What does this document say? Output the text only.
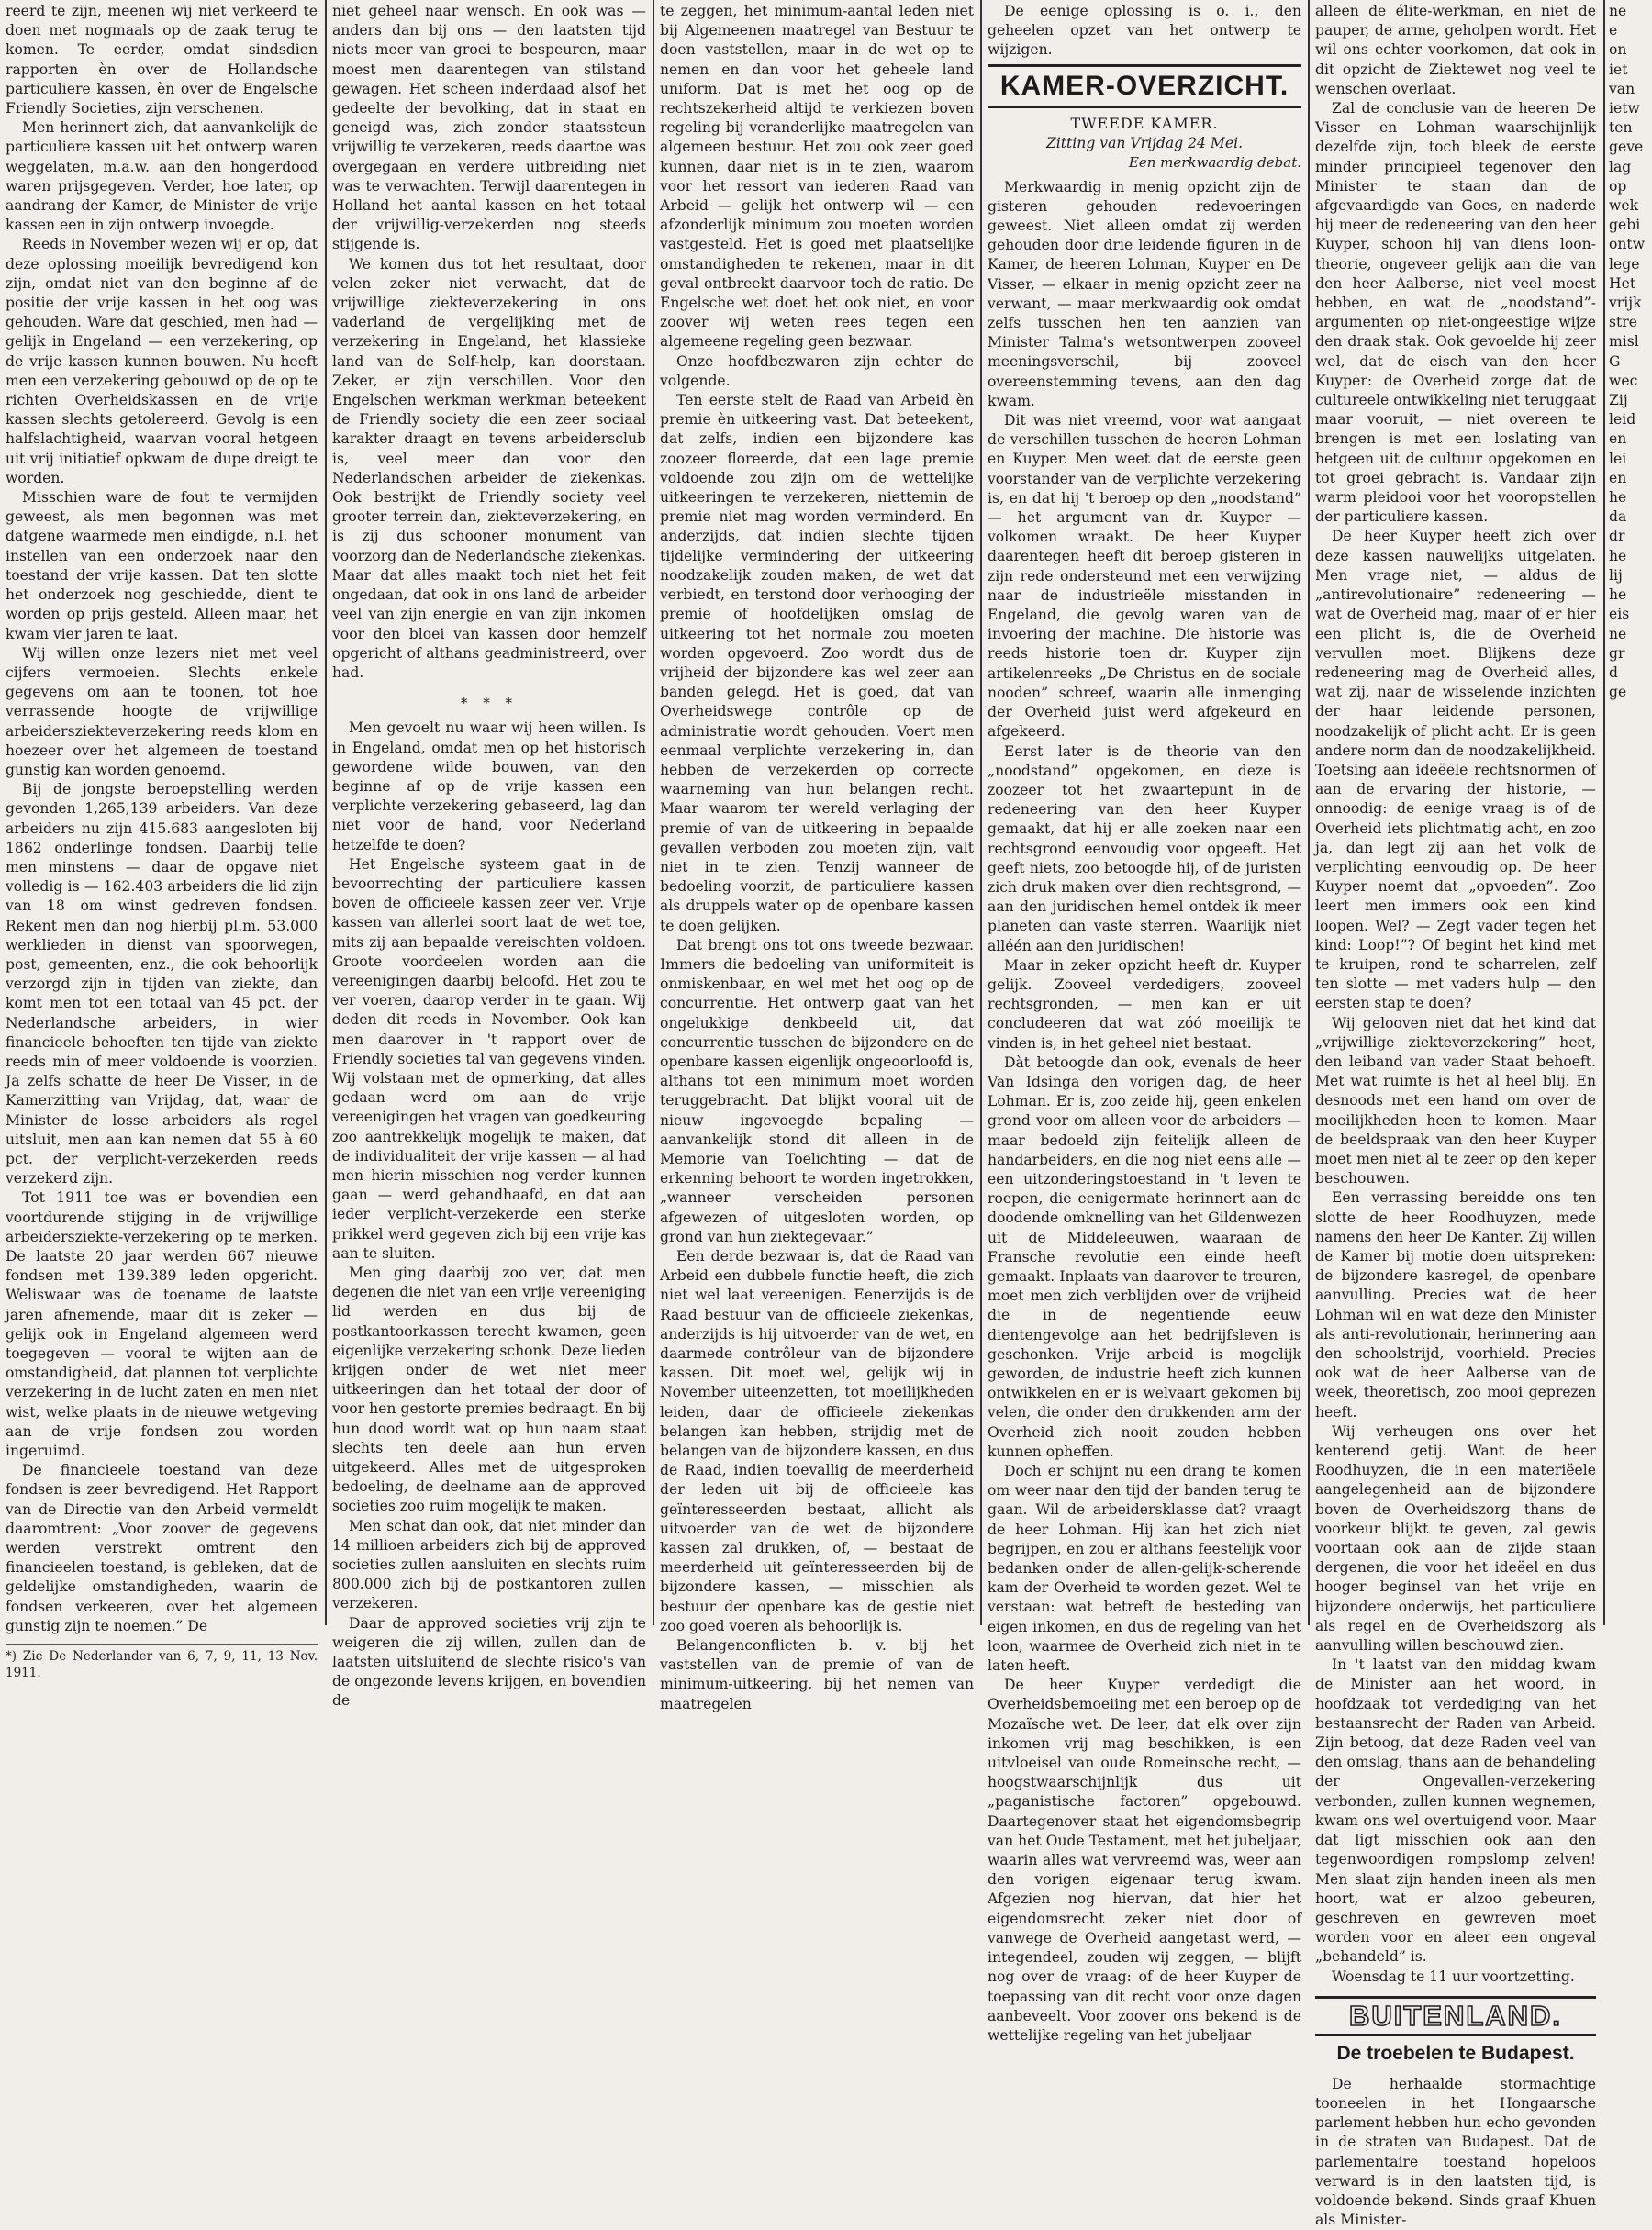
reerd te zijn, meenen wij niet verkeerd te doen met nogmaals op de zaak terug te komen. Te eerder, omdat sindsdien rapporten èn over de Hollandsche particuliere kassen, èn over de Engelsche Friendly Societies, zijn verschenen.

Men herinnert zich, dat aanvankelijk de particuliere kassen uit het ontwerp waren weggelaten, m.a.w. aan den hongerdood waren prijsgegeven. Verder, hoe later, op aandrang der Kamer, de Minister de vrije kassen een in zijn ontwerp invoegde.

Reeds in November wezen wij er op, dat deze oplossing moeilijk bevredigend kon zijn, omdat niet van den beginne af de positie der vrije kassen in het oog was gehouden. Ware dat geschied, men had — gelijk in Engeland — een verzekering, op de vrije kassen kunnen bouwen. Nu heeft men een verzekering gebouwd op de op te richten Overheidskassen en de vrije kassen slechts getolereerd. Gevolg is een halfslachtigheid, waarvan vooral hetgeen uit vrij initiatief opkwam de dupe dreigt te worden.

Misschien ware de fout te vermijden geweest, als men begonnen was met datgene waarmede men eindigde, n.l. het instellen van een onderzoek naar den toestand der vrije kassen. Dat ten slotte het onderzoek nog geschiedde, dient te worden op prijs gesteld. Alleen maar, het kwam vier jaren te laat.

Wij willen onze lezers niet met veel cijfers vermoeien. Slechts enkele gegevens om aan te toonen, tot hoe verrassende hoogte de vrijwillige arbeidersziekteverzekering reeds klom en hoezeer over het algemeen de toestand gunstig kan worden genoemd.

Bij de jongste beroepstelling werden gevonden 1,265,139 arbeiders. Van deze arbeiders nu zijn 415.683 aangesloten bij 1862 onderlinge fondsen. Daarbij telle men minstens — daar de opgave niet volledig is — 162.403 arbeiders die lid zijn van 18 om winst gedreven fondsen. Rekent men dan nog hierbij pl.m. 53.000 werklieden in dienst van spoorwegen, post, gemeenten, enz., die ook behoorlijk verzorgd zijn in tijden van ziekte, dan komt men tot een totaal van 45 pct. der Nederlandsche arbeiders, in wier financieele behoeften ten tijde van ziekte reeds min of meer voldoende is voorzien. Ja zelfs schatte de heer De Visser, in de Kamerzitting van Vrijdag, dat, waar de Minister de losse arbeiders als regel uitsluit, men aan kan nemen dat 55 à 60 pct. der verplicht-verzekerden reeds verzekerd zijn.

Tot 1911 toe was er bovendien een voortdurende stijging in de vrijwillige arbeidersziekte-verzekering op te merken. De laatste 20 jaar werden 667 nieuwe fondsen met 139.389 leden opgericht. Weliswaar was de toename de laatste jaren afnemende, maar dit is zeker — gelijk ook in Engeland algemeen werd toegegeven — vooral te wijten aan de omstandigheid, dat plannen tot verplichte verzekering in de lucht zaten en men niet wist, welke plaats in de nieuwe wetgeving aan de vrije fondsen zou worden ingeruimd.

De financieele toestand van deze fondsen is zeer bevredigend. Het Rapport van de Directie van den Arbeid vermeldt daaromtrent: „Voor zoover de gegevens werden verstrekt omtrent den financieelen toestand, is gebleken, dat de geldelijke omstandigheden, waarin de fondsen verkeeren, over het algemeen gunstig zijn te noemen.” De

*) Zie De Nederlander van 6, 7, 9, 11, 13 Nov. 1911.

niet geheel naar wensch. En ook was — anders dan bij ons — den laatsten tijd niets meer van groei te bespeuren, maar moest men daarentegen van stilstand gewagen. Het scheen inderdaad alsof het gedeelte der bevolking, dat in staat en geneigd was, zich zonder staatssteun vrijwillig te verzekeren, reeds daartoe was overgegaan en verdere uitbreiding niet was te verwachten. Terwijl daarentegen in Holland het aantal kassen en het totaal der vrijwillig-verzekerden nog steeds stijgende is.

We komen dus tot het resultaat, door velen zeker niet verwacht, dat de vrijwillige ziekteverzekering in ons vaderland de vergelijking met de verzekering in Engeland, het klassieke land van de Self-help, kan doorstaan. Zeker, er zijn verschillen. Voor den Engelschen werkman werkman beteekent de Friendly society die een zeer sociaal karakter draagt en tevens arbeidersclub is, veel meer dan voor den Nederlandschen arbeider de ziekenkas. Ook bestrijkt de Friendly society veel grooter terrein dan, ziekteverzekering, en is zij dus schooner monument van voorzorg dan de Nederlandsche ziekenkas. Maar dat alles maakt toch niet het feit ongedaan, dat ook in ons land de arbeider veel van zijn energie en van zijn inkomen voor den bloei van kassen door hemzelf opgericht of althans geadministreerd, over had.

* * *

Men gevoelt nu waar wij heen willen. Is in Engeland, omdat men op het historisch gewordene wilde bouwen, van den beginne af op de vrije kassen een verplichte verzekering gebaseerd, lag dan niet voor de hand, voor Nederland hetzelfde te doen?

Het Engelsche systeem gaat in de bevoorrechting der particuliere kassen boven de officieele kassen zeer ver. Vrije kassen van allerlei soort laat de wet toe, mits zij aan bepaalde vereischten voldoen. Groote voordeelen worden aan die vereenigingen daarbij beloofd. Het zou te ver voeren, daarop verder in te gaan. Wij deden dit reeds in November. Ook kan men daarover in 't rapport over de Friendly societies tal van gegevens vinden. Wij volstaan met de opmerking, dat alles gedaan werd om aan de vrije vereenigingen het vragen van goedkeuring zoo aantrekkelijk mogelijk te maken, dat de individualiteit der vrije kassen — al had men hierin misschien nog verder kunnen gaan — werd gehandhaafd, en dat aan ieder verplicht-verzekerde een sterke prikkel werd gegeven zich bij een vrije kas aan te sluiten.

Men ging daarbij zoo ver, dat men degenen die niet van een vrije vereeniging lid werden en dus bij de postkantoorkassen terecht kwamen, geen eigenlijke verzekering schonk. Deze lieden krijgen onder de wet niet meer uitkeeringen dan het totaal der door of voor hen gestorte premies bedraagt. En bij hun dood wordt wat op hun naam staat slechts ten deele aan hun erven uitgekeerd. Alles met de uitgesproken bedoeling, de deelname aan de approved societies zoo ruim mogelijk te maken.

Men schat dan ook, dat niet minder dan 14 millioen arbeiders zich bij de approved societies zullen aansluiten en slechts ruim 800.000 zich bij de postkantoren zullen verzekeren.

Daar de approved societies vrij zijn te weigeren die zij willen, zullen dan de laatsten uitsluitend de slechte risico's van de ongezonde levens krijgen, en bovendien de

te zeggen, het minimum-aantal leden niet bij Algemeenen maatregel van Bestuur te doen vaststellen, maar in de wet op te nemen en dan voor het geheele land uniform. Dat is met het oog op de rechtszekerheid altijd te verkiezen boven regeling bij veranderlijke maatregelen van algemeen bestuur. Het zou ook zeer goed kunnen, daar niet is in te zien, waarom voor het ressort van iederen Raad van Arbeid — gelijk het ontwerp wil — een afzonderlijk minimum zou moeten worden vastgesteld. Het is goed met plaatselijke omstandigheden te rekenen, maar in dit geval ontbreekt daarvoor toch de ratio. De Engelsche wet doet het ook niet, en voor zoover wij weten rees tegen een algemeene regeling geen bezwaar.

Onze hoofdbezwaren zijn echter de volgende.

Ten eerste stelt de Raad van Arbeid èn premie èn uitkeering vast. Dat beteekent, dat zelfs, indien een bijzondere kas zoozeer floreerde, dat een lage premie voldoende zou zijn om de wettelijke uitkeeringen te verzekeren, niettemin de premie niet mag worden verminderd. En anderzijds, dat indien slechte tijden tijdelijke vermindering der uitkeering noodzakelijk zouden maken, de wet dat verbiedt, en terstond door verhooging der premie of hoofdelijken omslag de uitkeering tot het normale zou moeten worden opgevoerd. Zoo wordt dus de vrijheid der bijzondere kas wel zeer aan banden gelegd. Het is goed, dat van Overheidswege contrôle op de administratie wordt gehouden. Voert men eenmaal verplichte verzekering in, dan hebben de verzekerden op correcte waarneming van hun belangen recht. Maar waarom ter wereld verlaging der premie of van de uitkeering in bepaalde gevallen verboden zou moeten zijn, valt niet in te zien. Tenzij wanneer de bedoeling voorzit, de particuliere kassen als druppels water op de openbare kassen te doen gelijken.

Dat brengt ons tot ons tweede bezwaar. Immers die bedoeling van uniformiteit is onmiskenbaar, en wel met het oog op de concurrentie. Het ontwerp gaat van het ongelukkige denkbeeld uit, dat concurrentie tusschen de bijzondere en de openbare kassen eigenlijk ongeoorloofd is, althans tot een minimum moet worden teruggebracht. Dat blijkt vooral uit de nieuw ingevoegde bepaling — aanvankelijk stond dit alleen in de Memorie van Toelichting — dat de erkenning behoort te worden ingetrokken, „wanneer verscheiden personen afgewezen of uitgesloten worden, op grond van hun ziektegevaar.”

Een derde bezwaar is, dat de Raad van Arbeid een dubbele functie heeft, die zich niet wel laat vereenigen. Eenerzijds is de Raad bestuur van de officieele ziekenkas, anderzijds is hij uitvoerder van de wet, en daarmede contrôleur van de bijzondere kassen. Dit moet wel, gelijk wij in November uiteenzetten, tot moeilijkheden leiden, daar de officieele ziekenkas belangen kan hebben, strijdig met de belangen van de bijzondere kassen, en dus de Raad, indien toevallig de meerderheid der leden uit bij de officieele kas geïnteresseerden bestaat, allicht als uitvoerder van de wet de bijzondere kassen zal drukken, of, — bestaat de meerderheid uit geïnteresseerden bij de bijzondere kassen, — misschien als bestuur der openbare kas de gestie niet zoo goed voeren als behoorlijk is.

Belangenconflicten b. v. bij het vaststellen van de premie of van de minimum-uitkeering, bij het nemen van maatregelen

De eenige oplossing is o. i., den geheelen opzet van het ontwerp te wijzigen.

KAMER-OVERZICHT.
TWEEDE KAMER.
Zitting van Vrijdag 24 Mei.
Een merkwaardig debat.

Merkwaardig in menig opzicht zijn de gisteren gehouden redevoeringen geweest. Niet alleen omdat zij werden gehouden door drie leidende figuren in de Kamer, de heeren Lohman, Kuyper en De Visser, — elkaar in menig opzicht zeer na verwant, — maar merkwaardig ook omdat zelfs tusschen hen ten aanzien van Minister Talma's wetsontwerpen zooveel meeningsverschil, bij zooveel overeenstemming tevens, aan den dag kwam.

Dit was niet vreemd, voor wat aangaat de verschillen tusschen de heeren Lohman en Kuyper. Men weet dat de eerste geen voorstander van de verplichte verzekering is, en dat hij 't beroep op den „noodstand” — het argument van dr. Kuyper — volkomen wraakt. De heer Kuyper daarentegen heeft dit beroep gisteren in zijn rede ondersteund met een verwijzing naar de industrieële misstanden in Engeland, die gevolg waren van de invoering der machine. Die historie was reeds historie toen dr. Kuyper zijn artikelenreeks „De Christus en de sociale nooden” schreef, waarin alle inmenging der Overheid juist werd afgekeurd en afgekeerd.

Eerst later is de theorie van den „noodstand” opgekomen, en deze is zoozeer tot het zwaartepunt in de redeneering van den heer Kuyper gemaakt, dat hij er alle zoeken naar een rechtsgrond eenvoudig voor opgeeft. Het geeft niets, zoo betoogde hij, of de juristen zich druk maken over dien rechtsgrond, — aan den juridischen hemel ontdek ik meer planeten dan vaste sterren. Waarlijk niet alléén aan den juridischen!

Maar in zeker opzicht heeft dr. Kuyper gelijk. Zooveel verdedigers, zooveel rechtsgronden, — men kan er uit concludeeren dat wat zóó moeilijk te vinden is, in het geheel niet bestaat.

Dàt betoogde dan ook, evenals de heer Van Idsinga den vorigen dag, de heer Lohman. Er is, zoo zeide hij, geen enkelen grond voor om alleen voor de arbeiders — maar bedoeld zijn feitelijk alleen de handarbeiders, en die nog niet eens alle — een uitzonderingstoestand in 't leven te roepen, die eenigermate herinnert aan de doodende omknelling van het Gildenwezen uit de Middeleeuwen, waaraan de Fransche revolutie een einde heeft gemaakt. Inplaats van daarover te treuren, moet men zich verblijden over de vrijheid die in de negentiende eeuw dientengevolge aan het bedrijfsleven is geschonken. Vrije arbeid is mogelijk geworden, de industrie heeft zich kunnen ontwikkelen en er is welvaart gekomen bij velen, die onder den drukkenden arm der Overheid zich nooit zouden hebben kunnen opheffen.

Doch er schijnt nu een drang te komen om weer naar den tijd der banden terug te gaan. Wil de arbeidersklasse dat? vraagt de heer Lohman. Hij kan het zich niet begrijpen, en zou er althans feestelijk voor bedanken onder de allen-gelijk-scherende kam der Overheid te worden gezet. Wel te verstaan: wat betreft de besteding van eigen inkomen, en dus de regeling van het loon, waarmee de Overheid zich niet in te laten heeft.

De heer Kuyper verdedigt die Overheidsbemoeiing met een beroep op de Mozaïsche wet. De leer, dat elk over zijn inkomen vrij mag beschikken, is een uitvloeisel van oude Romeinsche recht, — hoogstwaarschijnlijk dus uit „paganistische factoren” opgebouwd. Daartegenover staat het eigendomsbegrip van het Oude Testament, met het jubeljaar, waarin alles wat vervreemd was, weer aan den vorigen eigenaar terug kwam. Afgezien nog hiervan, dat hier het eigendomsrecht zeker niet door of vanwege de Overheid aangetast werd, — integendeel, zouden wij zeggen, — blijft nog over de vraag: of de heer Kuyper de toepassing van dit recht voor onze dagen aanbeveelt. Voor zoover ons bekend is de wettelijke regeling van het jubeljaar

alleen de élite-werkman, en niet de pauper, de arme, geholpen wordt. Het wil ons echter voorkomen, dat ook in dit opzicht de Ziektewet nog veel te wenschen overlaat.

Zal de conclusie van de heeren De Visser en Lohman waarschijnlijk dezelfde zijn, toch bleek de eerste minder principieel tegenover den Minister te staan dan de afgevaardigde van Goes, en naderde hij meer de redeneering van den heer Kuyper, schoon hij van diens loon-theorie, ongeveer gelijk aan die van den heer Aalberse, niet veel moest hebben, en wat de „noodstand”-argumenten op niet-ongeestige wijze den draak stak. Ook gevoelde hij zeer wel, dat de eisch van den heer Kuyper: de Overheid zorge dat de cultureele ontwikkeling niet teruggaat maar vooruit, — niet overeen te brengen is met een loslating van hetgeen uit de cultuur opgekomen en tot groei gebracht is. Vandaar zijn warm pleidooi voor het vooropstellen der particuliere kassen.

De heer Kuyper heeft zich over deze kassen nauwelijks uitgelaten. Men vrage niet, — aldus de „antirevolutionaire” redeneering — wat de Overheid mag, maar of er hier een plicht is, die de Overheid vervullen moet. Blijkens deze redeneering mag de Overheid alles, wat zij, naar de wisselende inzichten der haar leidende personen, noodzakelijk of plicht acht. Er is geen andere norm dan de noodzakelijkheid. Toetsing aan ideëele rechtsnormen of aan de ervaring der historie, — onnoodig: de eenige vraag is of de Overheid iets plichtmatig acht, en zoo ja, dan legt zij aan het volk de verplichting eenvoudig op. De heer Kuyper noemt dat „opvoeden”. Zoo leert men immers ook een kind loopen. Wel? — Zegt vader tegen het kind: Loop!”? Of begint het kind met te kruipen, rond te scharrelen, zelf ten slotte — met vaders hulp — den eersten stap te doen?

Wij gelooven niet dat het kind dat „vrijwillige ziekteverzekering” heet, den leiband van vader Staat behoeft. Met wat ruimte is het al heel blij. En desnoods met een hand om over de moeilijkheden heen te komen. Maar de beeldspraak van den heer Kuyper moet men niet al te zeer op den keper beschouwen.

Een verrassing bereidde ons ten slotte de heer Roodhuyzen, mede namens den heer De Kanter. Zij willen de Kamer bij motie doen uitspreken: de bijzondere kasregel, de openbare aanvulling. Precies wat de heer Lohman wil en wat deze den Minister als anti-revolutionair, herinnering aan den schoolstrijd, voorhield. Precies ook wat de heer Aalberse van de week, theoretisch, zoo mooi geprezen heeft.

Wij verheugen ons over het kenterend getij. Want de heer Roodhuyzen, die in een materiëele aangelegenheid aan de bijzondere boven de Overheidszorg thans de voorkeur blijkt te geven, zal gewis voortaan ook aan de zijde staan dergenen, die voor het ideëel en dus hooger beginsel van het vrije en bijzondere onderwijs, het particuliere als regel en de Overheidszorg als aanvulling willen beschouwd zien.

In 't laatst van den middag kwam de Minister aan het woord, in hoofdzaak tot verdediging van het bestaansrecht der Raden van Arbeid. Zijn betoog, dat deze Raden veel van den omslag, thans aan de behandeling der Ongevallen-verzekering verbonden, zullen kunnen wegnemen, kwam ons wel overtuigend voor. Maar dat ligt misschien ook aan den tegenwoordigen rompslomp zelven! Men slaat zijn handen ineen als men hoort, wat er alzoo gebeuren, geschreven en gewreven moet worden voor en aleer een ongeval „behandeld” is.

Woensdag te 11 uur voortzetting.

BUITENLAND.
De troebelen te Budapest.

De herhaalde stormachtige tooneelen in het Hongaarsche parlement hebben hun echo gevonden in de straten van Budapest. Dat de parlementaire toestand hopeloos verward is in den laatsten tijd, is voldoende bekend. Sinds graaf Khuen als Minister-

ne

e

on

iet

van

ietw

ten

geve

lag

op

wek

gebi

ontw

lege

Het

vrijk

stre

misl

G

wec

Zij

leid

en

lei

en

he

da

dr

he

lij

he

eis

ne

gr

d

ge
